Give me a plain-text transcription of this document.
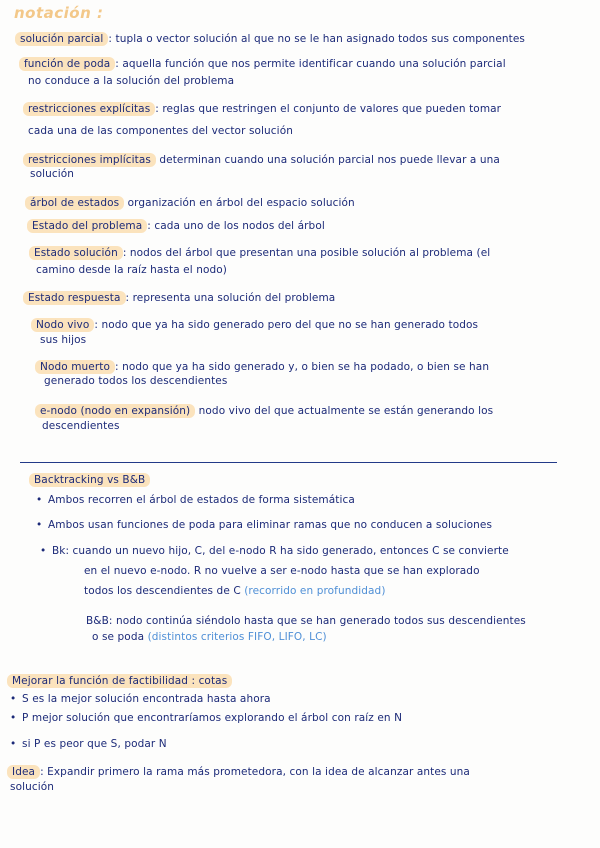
notación :
solución parcial : tupla o vector solución al que no se le han asignado todos sus componentes
función de poda : aquella función que nos permite identificar cuando una solución parcial
no conduce a la solución del problema
restricciones explícitas : reglas que restringen el conjunto de valores que pueden tomar
cada una de las componentes del vector solución
restricciones implícitas determinan cuando una solución parcial nos puede llevar a una
solución
árbol de estados organización en árbol del espacio solución
Estado del problema : cada uno de los nodos del árbol
Estado solución : nodos del árbol que presentan una posible solución al problema (el
camino desde la raíz hasta el nodo)
Estado respuesta : representa una solución del problema
Nodo vivo : nodo que ya ha sido generado pero del que no se han generado todos
sus hijos
Nodo muerto : nodo que ya ha sido generado y, o bien se ha podado, o bien se han
generado todos los descendientes
e-nodo (nodo en expansión) nodo vivo del que actualmente se están generando los
descendientes
Backtracking vs B&B
• Ambos recorren el árbol de estados de forma sistemática
• Ambos usan funciones de poda para eliminar ramas que no conducen a soluciones
• Bk: cuando un nuevo hijo, C, del e-nodo R ha sido generado, entonces C se convierte
en el nuevo e-nodo. R no vuelve a ser e-nodo hasta que se han explorado
todos los descendientes de C (recorrido en profundidad)
B&B: nodo continúa siéndolo hasta que se han generado todos sus descendientes
o se poda (distintos criterios FIFO, LIFO, LC)
Mejorar la función de factibilidad : cotas
• S es la mejor solución encontrada hasta ahora
• P mejor solución que encontraríamos explorando el árbol con raíz en N
• si P es peor que S, podar N
Idea : Expandir primero la rama más prometedora, con la idea de alcanzar antes una
solución
